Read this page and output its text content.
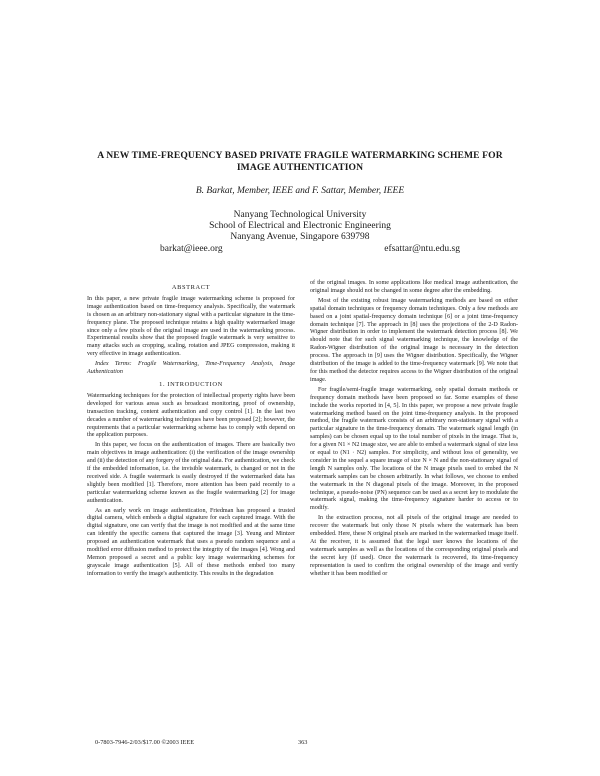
A NEW TIME-FREQUENCY BASED PRIVATE FRAGILE WATERMARKING SCHEME FOR
IMAGE AUTHENTICATION
B. Barkat, Member, IEEE and F. Sattar, Member, IEEE
Nanyang Technological University
School of Electrical and Electronic Engineering
Nanyang Avenue, Singapore 639798
barkat@ieee.org	efsattar@ntu.edu.sg
ABSTRACT

In this paper, a new private fragile image watermarking scheme is proposed for image authentication based on time-frequency analysis. Specifically, the watermark is chosen as an arbitrary non-stationary signal with a particular signature in the time-frequency plane. The proposed technique retains a high quality watermarked image since only a few pixels of the original image are used in the watermarking process. Experimental results show that the proposed fragile watermark is very sensitive to many attacks such as cropping, scaling, rotation and JPEG compression, making it very effective in image authentication.

Index Terms: Fragile Watermarking, Time-Frequency Analysis, Image Authentication

1. INTRODUCTION

Watermarking techniques for the protection of intellectual property rights have been developed for various areas such as broadcast monitoring, proof of ownership, transaction tracking, content authentication and copy control [1]. In the last two decades a number of watermarking techniques have been proposed [2]; however, the requirements that a particular watermarking scheme has to comply with depend on the application purposes.

In this paper, we focus on the authentication of images. There are basically two main objectives in image authentication: (i) the verification of the image ownership and (ii) the detection of any forgery of the original data. For authentication, we check if the embedded information, i.e. the invisible watermark, is changed or not in the received side. A fragile watermark is easily destroyed if the watermarked data has slightly been modified [1]. Therefore, more attention has been paid recently to a particular watermarking scheme known as the fragile watermarking [2] for image authentication.

As an early work on image authentication, Friedman has proposed a trusted digital camera, which embeds a digital signature for each captured image. With the digital signature, one can verify that the image is not modified and at the same time can identify the specific camera that captured the image [3]. Yeung and Mintzer proposed an authentication watermark that uses a pseudo random sequence and a modified error diffusion method to protect the integrity of the images [4]. Wong and Memon proposed a secret and a public key image watermarking schemes for grayscale image authentication [5]. All of these methods embed too many information to verify the image's authenticity. This results in the degradation

of the original images. In some applications like medical image authentication, the original image should not be changed in some degree after the embedding.

Most of the existing robust image watermarking methods are based on either spatial domain techniques or frequency domain techniques. Only a few methods are based on a joint spatial-frequency domain technique [6] or a joint time-frequency domain technique [7]. The approach in [8] uses the projections of the 2-D Radon-Wigner distribution in order to implement the watermark detection process [8]. We should note that for such signal watermarking technique, the knowledge of the Radon-Wigner distribution of the original image is necessary in the detection process. The approach in [9] uses the Wigner distribution. Specifically, the Wigner distribution of the image is added to the time-frequency watermark [9]. We note that for this method the detector requires access to the Wigner distribution of the original image.

For fragile/semi-fragile image watermarking, only spatial domain methods or frequency domain methods have been proposed so far. Some examples of these include the works reported in [4, 5]. In this paper, we propose a new private fragile watermarking method based on the joint time-frequency analysis. In the proposed method, the fragile watermark consists of an arbitrary non-stationary signal with a particular signature in the time-frequency domain. The watermark signal length (in samples) can be chosen equal up to the total number of pixels in the image. That is, for a given N1 × N2 image size, we are able to embed a watermark signal of size less or equal to (N1 · N2) samples. For simplicity, and without loss of generality, we consider in the sequel a square image of size N × N and the non-stationary signal of length N samples only. The locations of the N image pixels used to embed the N watermark samples can be chosen arbitrarily. In what follows, we choose to embed the watermark in the N diagonal pixels of the image. Moreover, in the proposed technique, a pseudo-noise (PN) sequence can be used as a secret key to modulate the watermark signal, making the time-frequency signature harder to access or to modify.

In the extraction process, not all pixels of the original image are needed to recover the watermark but only those N pixels where the watermark has been embedded. Here, these N original pixels are marked in the watermarked image itself. At the receiver, it is assumed that the legal user knows the locations of the watermark samples as well as the locations of the corresponding original pixels and the secret key (if used). Once the watermark is recovered, its time-frequency representation is used to confirm the original ownership of the image and verify whether it has been modified or

0-7803-7946-2/03/$17.00 ©2003 IEEE	363
